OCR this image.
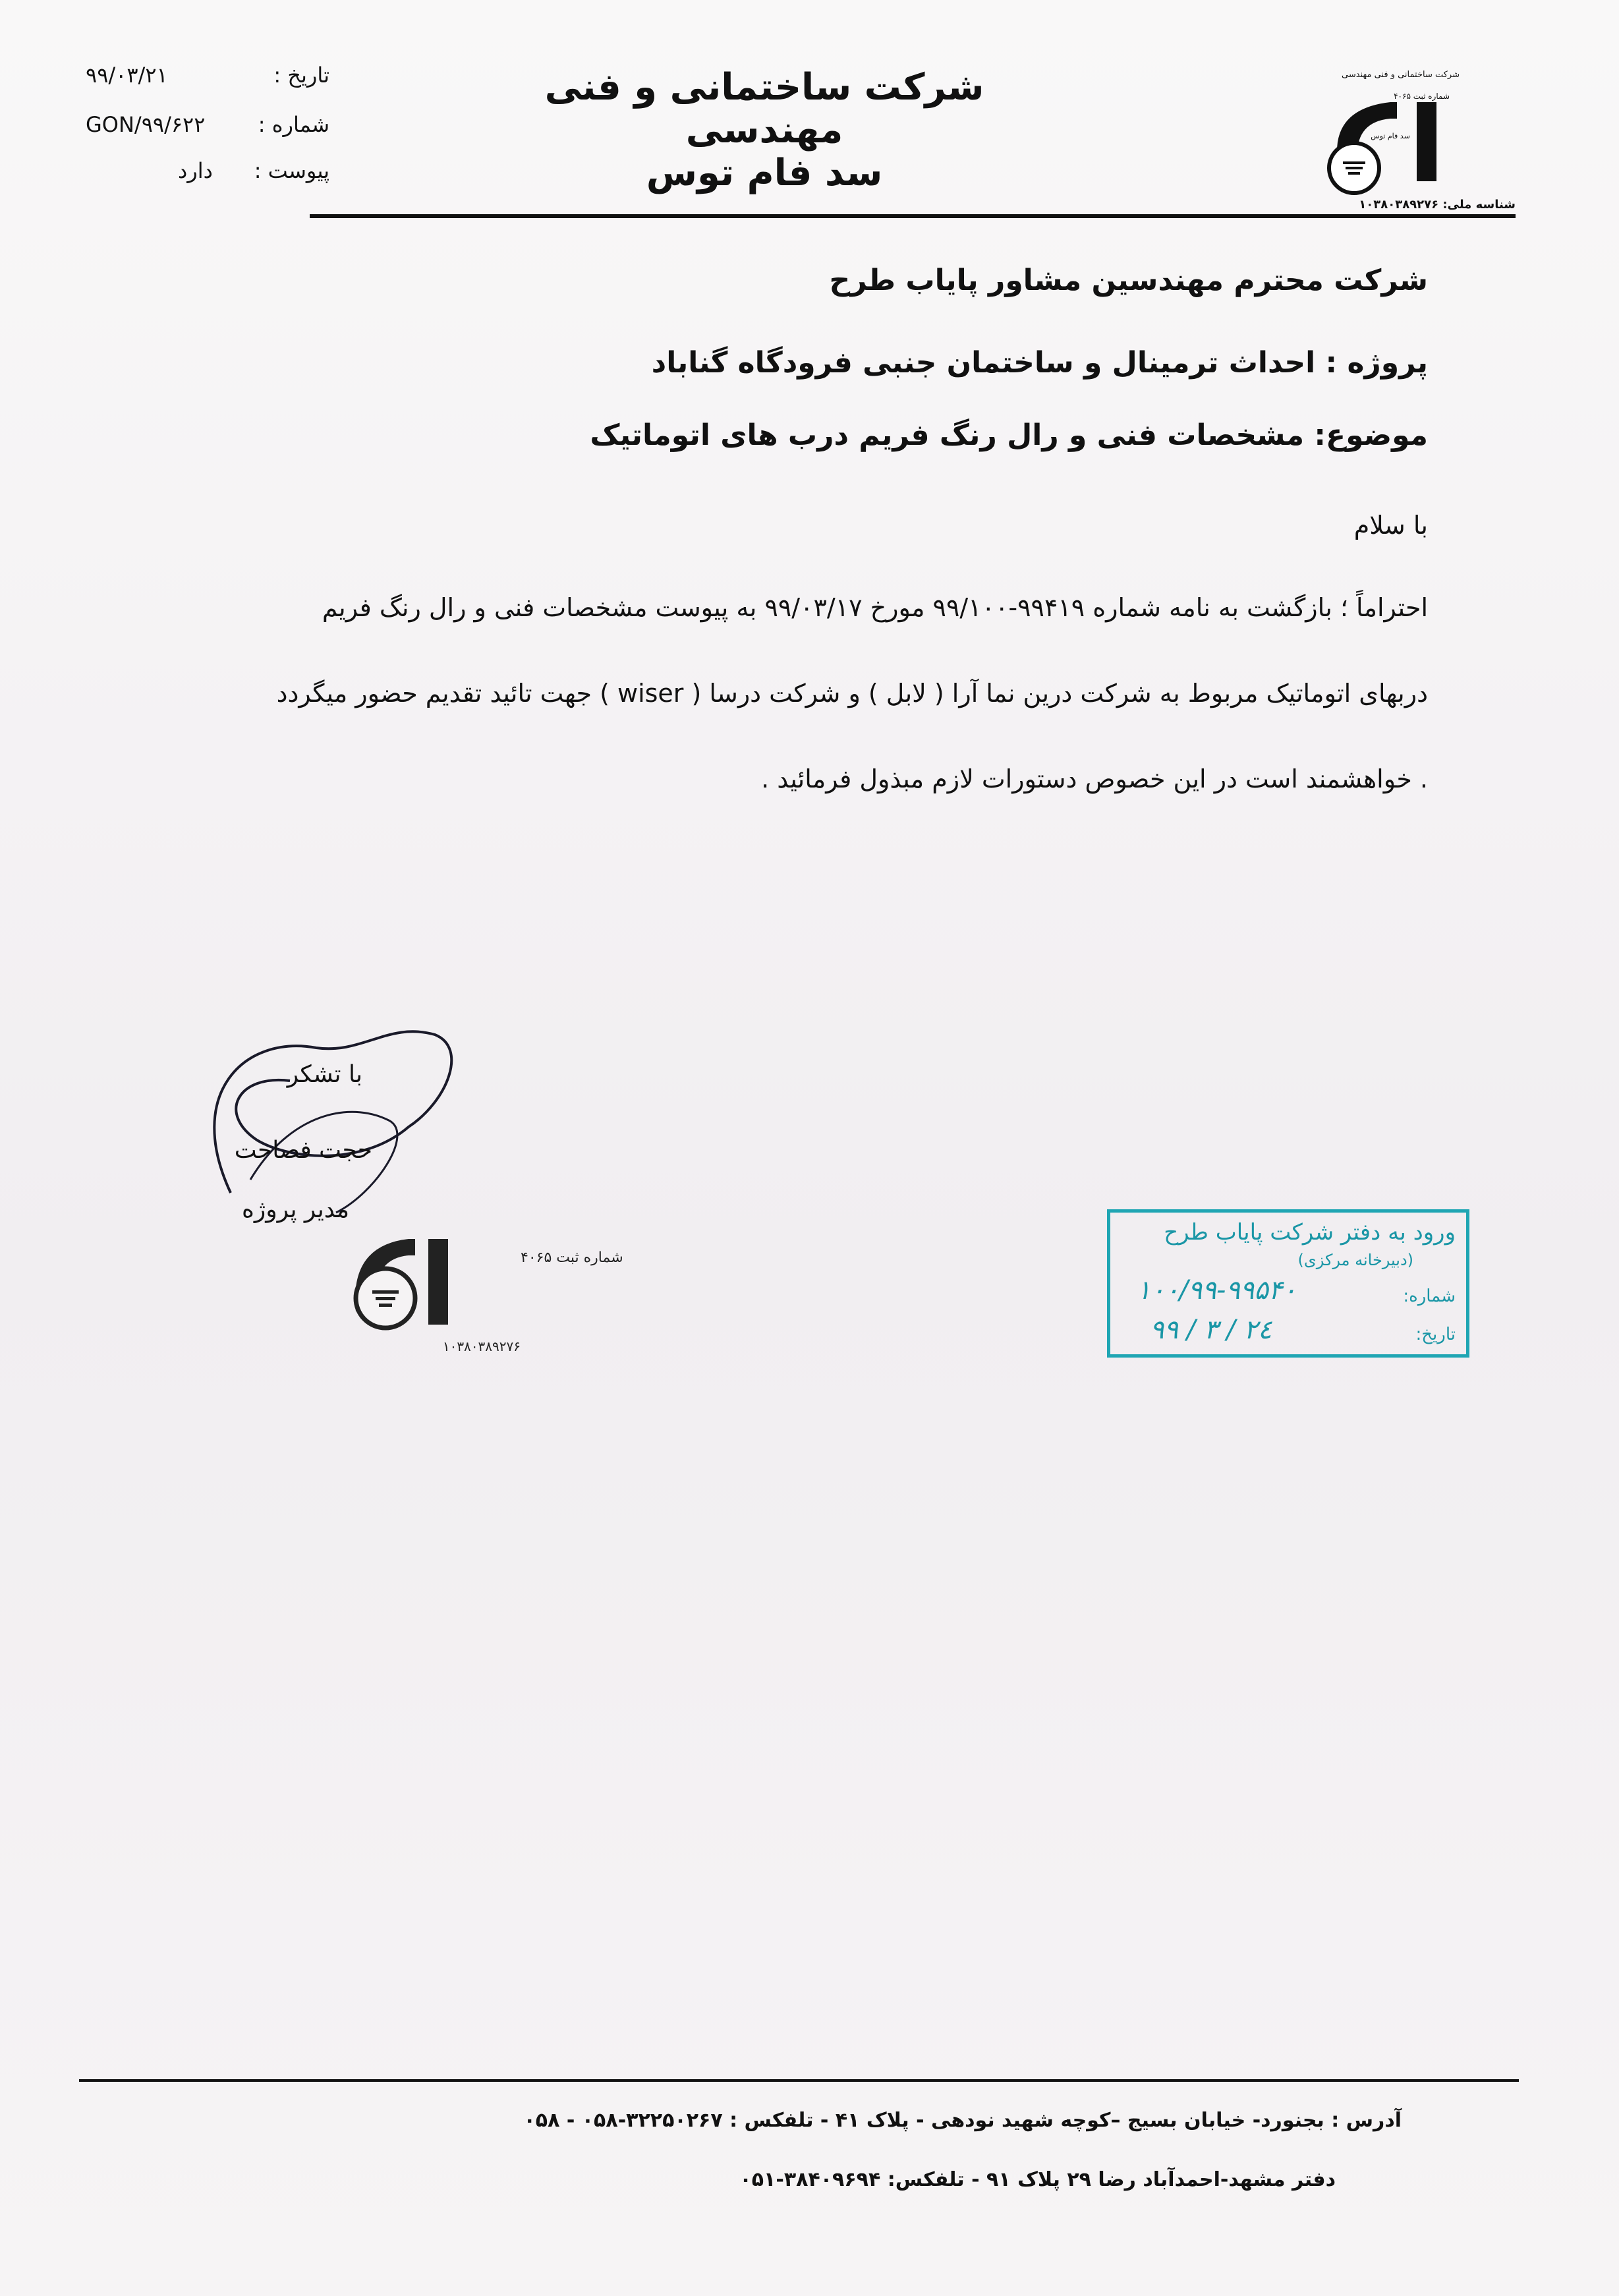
شرکت ساختمانی و فنی مهندسی
شماره ثبت ۴۰۶۵
سد فام توس
شرکت ساختمانی و فنی مهندسی
سد فام توس
تاریخ :
۹۹/۰۳/۲۱
شماره :
GON/۹۹/۶۲۲
پیوست :
دارد
شناسه ملی: ۱۰۳۸۰۳۸۹۲۷۶
شرکت محترم مهندسین مشاور پایاب طرح
پروژه : احداث ترمینال و ساختمان جنبی فرودگاه گناباد
موضوع: مشخصات فنی و رال رنگ فریم درب های اتوماتیک
با سلام
احتراماً ؛ بازگشت به نامه شماره ۹۹۴۱۹-۹۹/۱۰۰ مورخ ۹۹/۰۳/۱۷ به پیوست مشخصات فنی و رال رنگ فریم
دربهای اتوماتیک مربوط به شرکت درین نما آرا ( لابل ) و شرکت درسا ( wiser ) جهت تائید تقدیم حضور میگردد
. خواهشمند است در این خصوص دستورات لازم مبذول فرمائید .
شماره ثبت ۴۰۶۵
۱۰۳۸۰۳۸۹۲۷۶
با تشکر
حجت فصاحت
مدیر پروژه
ورود به دفتر شرکت پایاب طرح
(دبیرخانه مرکزی)
شماره:
۱۰۰/۹۹-۹۹۵۴۰
تاریخ:
۹۹ / ۳ / ۲٤
آدرس : بجنورد- خیابان بسیج –کوچه شهید نودهی - پلاک ۴۱ - تلفکس : ۳۲۲۵۰۲۶۷-۰۵۸ - ۰۵۸
دفتر مشهد-احمدآباد رضا ۲۹ پلاک ۹۱ - تلفکس: ۳۸۴۰۹۶۹۴-۰۵۱
